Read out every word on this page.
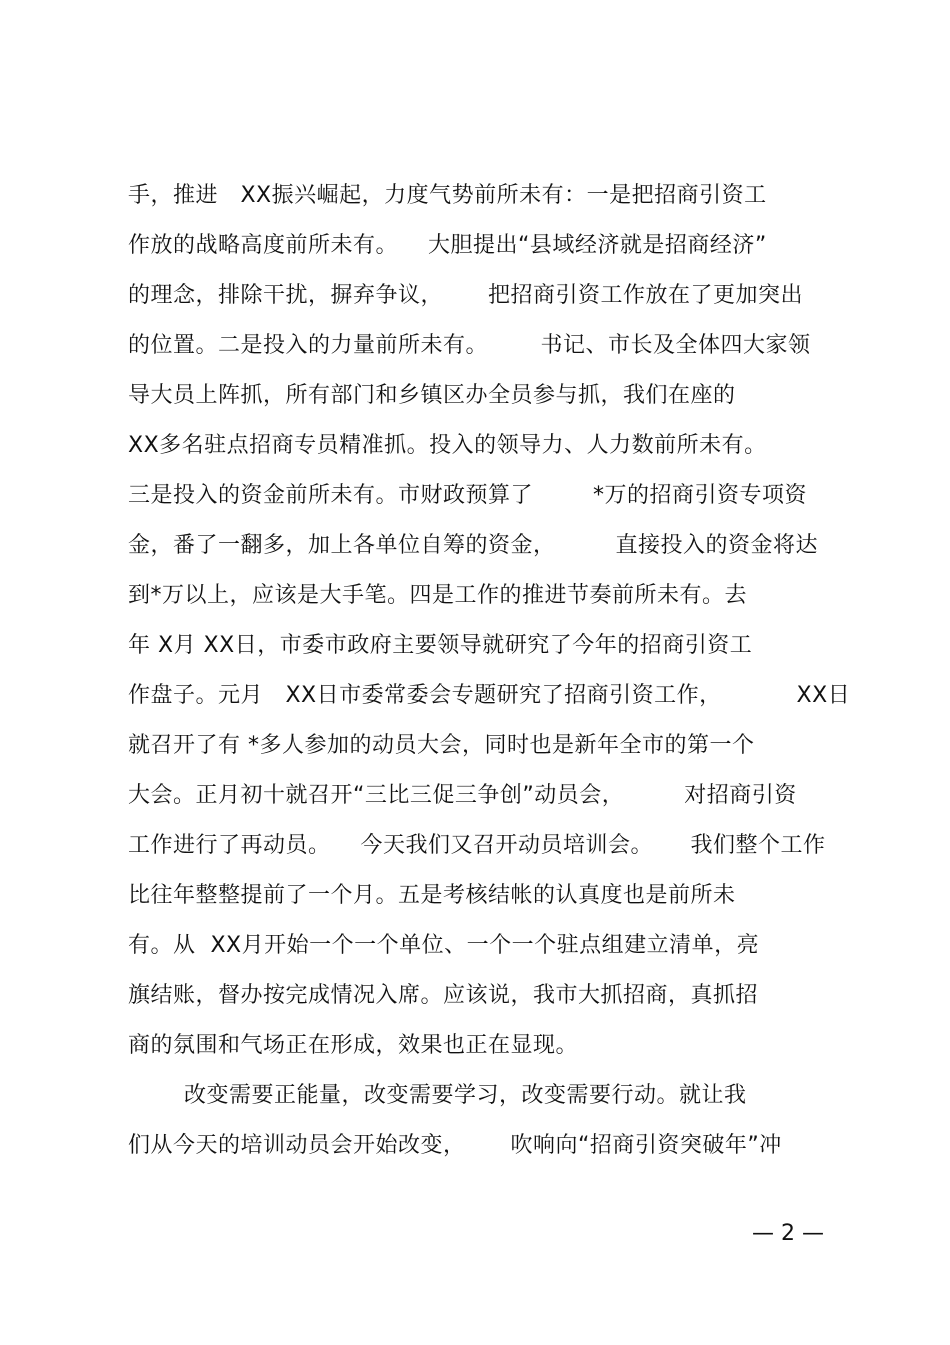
手，推进   XX振兴崛起，力度气势前所未有：一是把招商引资工
作放的战略高度前所未有。    大胆提出“县域经济就是招商经济”
的理念，排除干扰，摒弃争议，      把招商引资工作放在了更加突出
的位置。二是投入的力量前所未有。       书记、市长及全体四大家领
导大员上阵抓，所有部门和乡镇区办全员参与抓，我们在座的
XX多名驻点招商专员精准抓。投入的领导力、人力数前所未有。
三是投入的资金前所未有。市财政预算了        *万的招商引资专项资
金，番了一翻多，加上各单位自筹的资金，        直接投入的资金将达
到*万以上，应该是大手笔。四是工作的推进节奏前所未有。去
年 X月 XX日，市委市政府主要领导就研究了今年的招商引资工
作盘子。元月   XX日市委常委会专题研究了招商引资工作，          XX日
就召开了有 *多人参加的动员大会，同时也是新年全市的第一个
大会。正月初十就召开“三比三促三争创”动员会，        对招商引资
工作进行了再动员。    今天我们又召开动员培训会。     我们整个工作
比往年整整提前了一个月。五是考核结帐的认真度也是前所未
有。从  XX月开始一个一个单位、一个一个驻点组建立清单，亮
旗结账，督办按完成情况入席。应该说，我市大抓招商，真抓招
商的氛围和气场正在形成，效果也正在显现。
改变需要正能量，改变需要学习，改变需要行动。就让我
们从今天的培训动员会开始改变，      吹响向“招商引资突破年”冲
— 2 —
